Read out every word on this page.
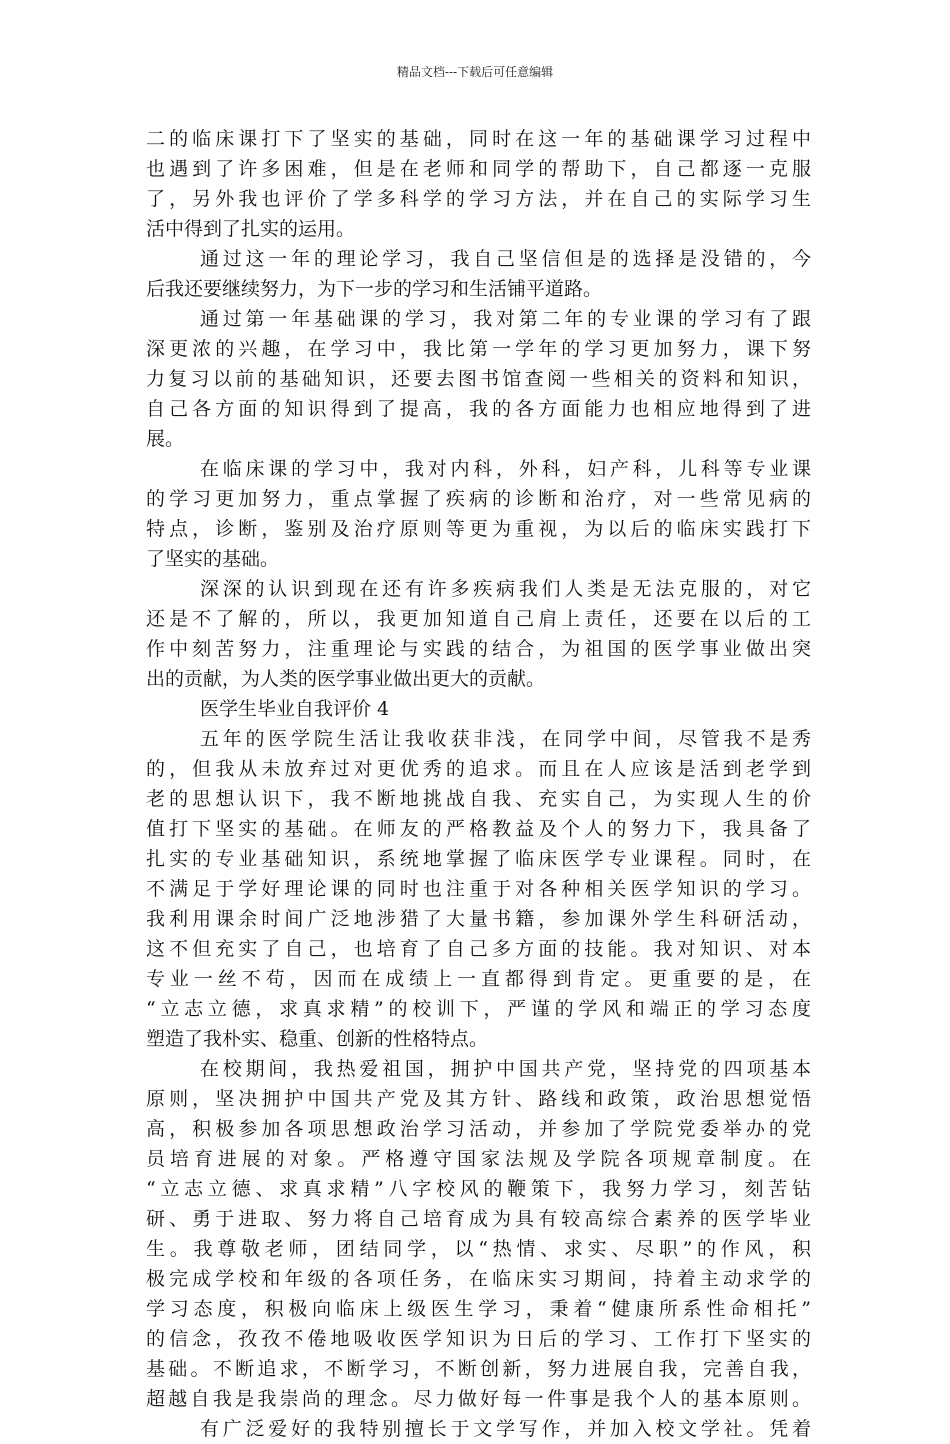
精品文档---下载后可任意编辑
二的临床课打下了坚实的基础，同时在这一年的基础课学习过程中
也遇到了许多困难，但是在老师和同学的帮助下，自己都逐一克服
了，另外我也评价了学多科学的学习方法，并在自己的实际学习生
活中得到了扎实的运用。
通过这一年的理论学习，我自己坚信但是的选择是没错的，今
后我还要继续努力，为下一步的学习和生活铺平道路。
通过第一年基础课的学习，我对第二年的专业课的学习有了跟
深更浓的兴趣，在学习中，我比第一学年的学习更加努力，课下努
力复习以前的基础知识，还要去图书馆查阅一些相关的资料和知识，
自己各方面的知识得到了提高，我的各方面能力也相应地得到了进
展。
在临床课的学习中，我对内科，外科，妇产科，儿科等专业课
的学习更加努力，重点掌握了疾病的诊断和治疗，对一些常见病的
特点，诊断，鉴别及治疗原则等更为重视，为以后的临床实践打下
了坚实的基础。
深深的认识到现在还有许多疾病我们人类是无法克服的，对它
还是不了解的，所以，我更加知道自己肩上责任，还要在以后的工
作中刻苦努力，注重理论与实践的结合，为祖国的医学事业做出突
出的贡献，为人类的医学事业做出更大的贡献。
医学生毕业自我评价 4
五年的医学院生活让我收获非浅，在同学中间，尽管我不是秀
的，但我从未放弃过对更优秀的追求。而且在人应该是活到老学到
老的思想认识下，我不断地挑战自我、充实自己，为实现人生的价
值打下坚实的基础。在师友的严格教益及个人的努力下，我具备了
扎实的专业基础知识，系统地掌握了临床医学专业课程。同时，在
不满足于学好理论课的同时也注重于对各种相关医学知识的学习。
我利用课余时间广泛地涉猎了大量书籍，参加课外学生科研活动，
这不但充实了自己，也培育了自己多方面的技能。我对知识、对本
专业一丝不苟，因而在成绩上一直都得到肯定。更重要的是，在
“立志立德，求真求精”的校训下，严谨的学风和端正的学习态度
塑造了我朴实、稳重、创新的性格特点。
在校期间，我热爱祖国，拥护中国共产党，坚持党的四项基本
原则，坚决拥护中国共产党及其方针、路线和政策，政治思想觉悟
高，积极参加各项思想政治学习活动，并参加了学院党委举办的党
员培育进展的对象。严格遵守国家法规及学院各项规章制度。在
“立志立德、求真求精”八字校风的鞭策下，我努力学习，刻苦钻
研、勇于进取、努力将自己培育成为具有较高综合素养的医学毕业
生。我尊敬老师，团结同学，以“热情、求实、尽职”的作风，积
极完成学校和年级的各项任务，在临床实习期间，持着主动求学的
学习态度，积极向临床上级医生学习，秉着“健康所系性命相托”
的信念，孜孜不倦地吸收医学知识为日后的学习、工作打下坚实的
基础。不断追求，不断学习，不断创新，努力进展自我，完善自我，
超越自我是我崇尚的理念。尽力做好每一件事是我个人的基本原则。
有广泛爱好的我特别擅长于文学写作，并加入校文学社。凭着
